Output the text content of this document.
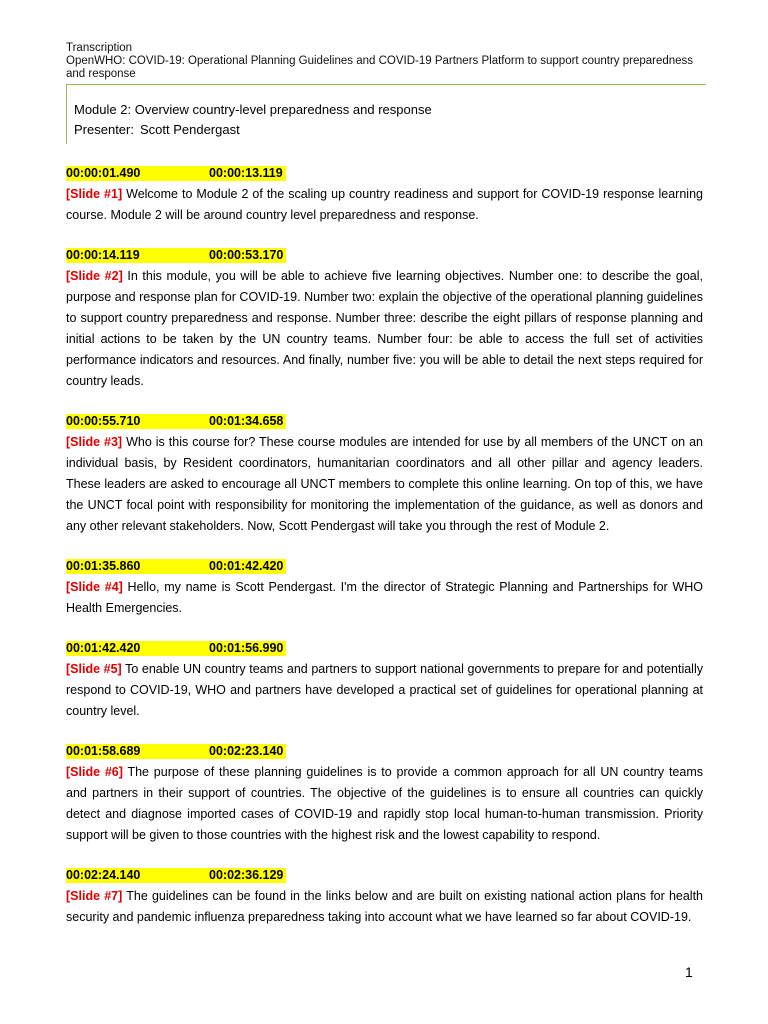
Transcription
OpenWHO: COVID-19: Operational Planning Guidelines and COVID-19 Partners Platform to support country preparedness
and response
Module 2: Overview country-level preparedness and response
Presenter: Scott Pendergast
00:00:01.490	00:00:13.119

[Slide #1] Welcome to Module 2 of the scaling up country readiness and support for COVID-19 response learning course. Module 2 will be around country level preparedness and response.

00:00:14.119	00:00:53.170

[Slide #2] In this module, you will be able to achieve five learning objectives. Number one: to describe the goal, purpose and response plan for COVID-19. Number two: explain the objective of the operational planning guidelines to support country preparedness and response. Number three: describe the eight pillars of response planning and initial actions to be taken by the UN country teams. Number four: be able to access the full set of activities performance indicators and resources. And finally, number five: you will be able to detail the next steps required for country leads.

00:00:55.710	00:01:34.658

[Slide #3] Who is this course for? These course modules are intended for use by all members of the UNCT on an individual basis, by Resident coordinators, humanitarian coordinators and all other pillar and agency leaders. These leaders are asked to encourage all UNCT members to complete this online learning. On top of this, we have the UNCT focal point with responsibility for monitoring the implementation of the guidance, as well as donors and any other relevant stakeholders. Now, Scott Pendergast will take you through the rest of Module 2.

00:01:35.860	00:01:42.420

[Slide #4] Hello, my name is Scott Pendergast. I'm the director of Strategic Planning and Partnerships for WHO Health Emergencies.

00:01:42.420	00:01:56.990

[Slide #5] To enable UN country teams and partners to support national governments to prepare for and potentially respond to COVID-19, WHO and partners have developed a practical set of guidelines for operational planning at country level.

00:01:58.689	00:02:23.140

[Slide #6] The purpose of these planning guidelines is to provide a common approach for all UN country teams and partners in their support of countries. The objective of the guidelines is to ensure all countries can quickly detect and diagnose imported cases of COVID-19 and rapidly stop local human-to-human transmission. Priority support will be given to those countries with the highest risk and the lowest capability to respond.

00:02:24.140	00:02:36.129

[Slide #7] The guidelines can be found in the links below and are built on existing national action plans for health security and pandemic influenza preparedness taking into account what we have learned so far about COVID-19.

1
